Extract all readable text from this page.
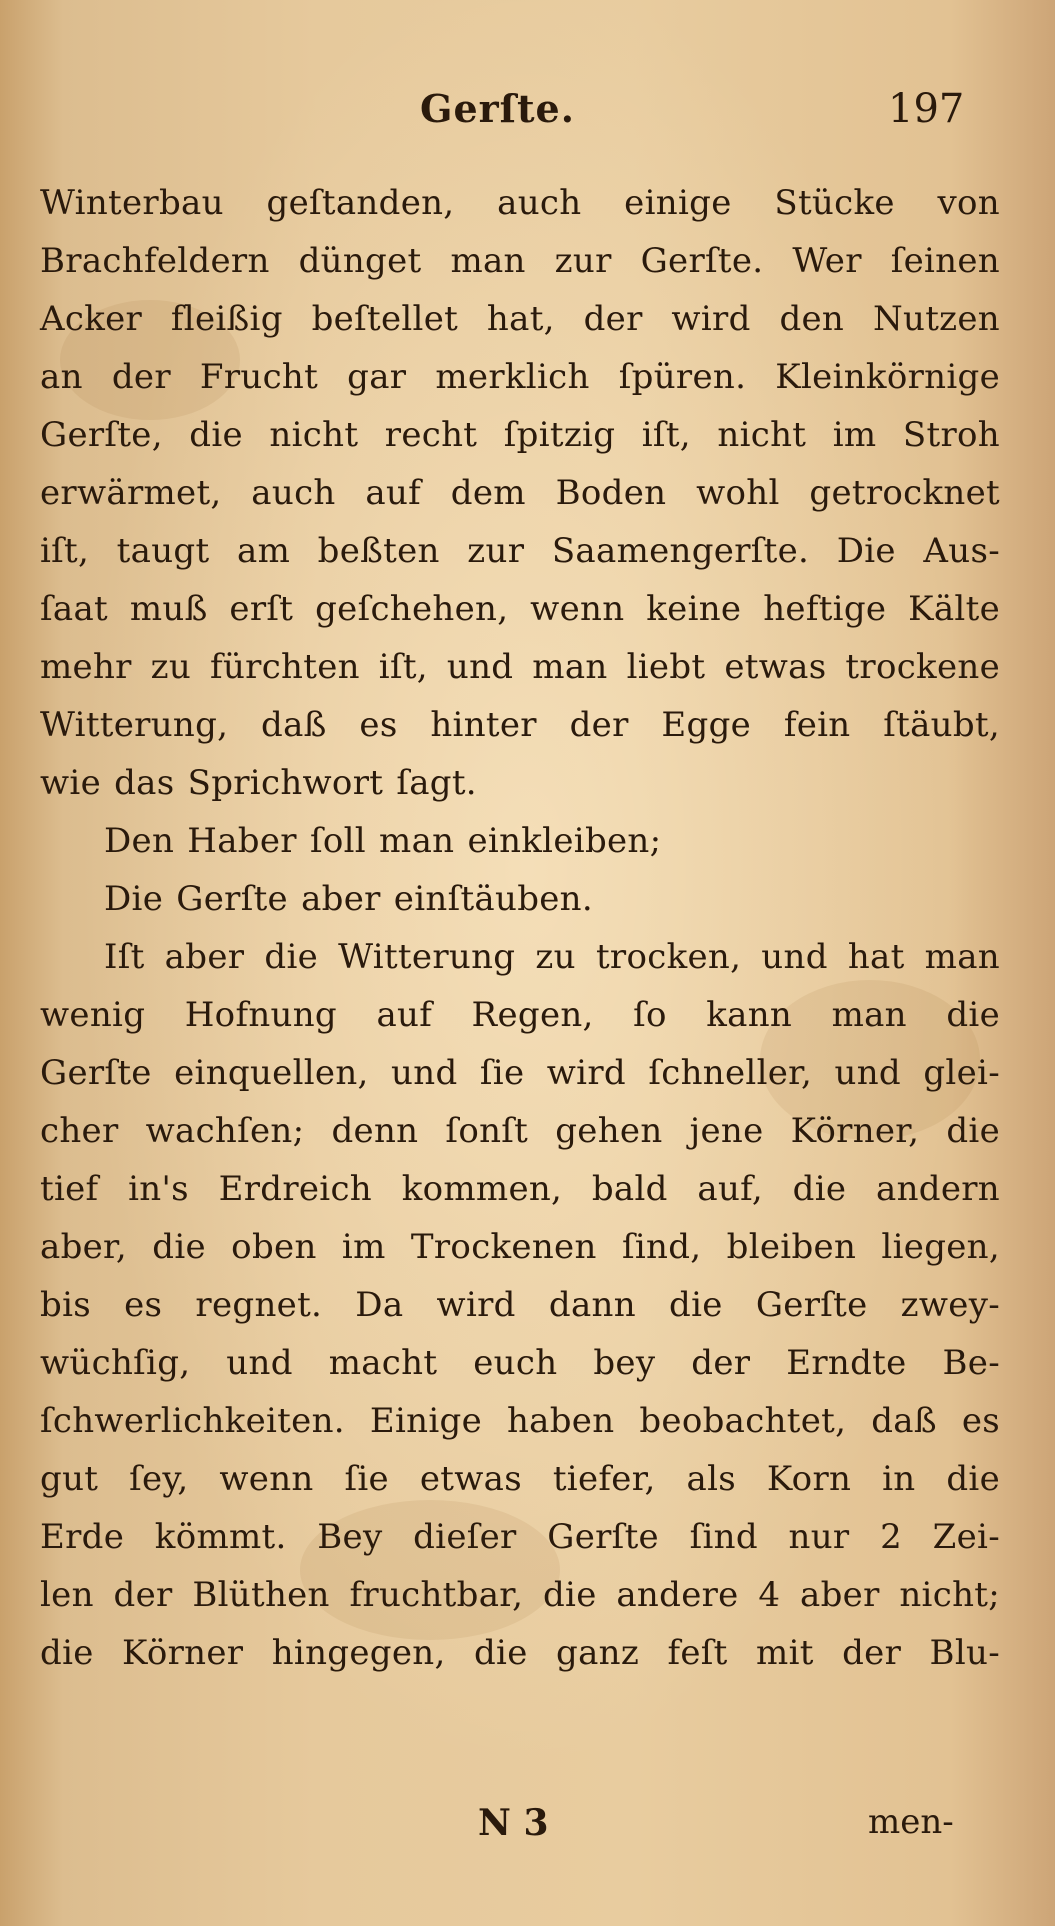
Gerſte.	197
Winterbau geſtanden, auch einige Stücke von
Brachfeldern dünget man zur Gerſte. Wer ſeinen
Acker fleißig beſtellet hat, der wird den Nutzen
an der Frucht gar merklich ſpüren. Kleinkörnige
Gerſte, die nicht recht ſpitzig iſt, nicht im Stroh
erwärmet, auch auf dem Boden wohl getrocknet
iſt, taugt am beßten zur Saamengerſte. Die Aus-
ſaat muß erſt geſchehen, wenn keine heftige Kälte
mehr zu fürchten iſt, und man liebt etwas trockene
Witterung, daß es hinter der Egge fein ſtäubt,
wie das Sprichwort ſagt.
Den Haber ſoll man einkleiben;
Die Gerſte aber einſtäuben.
Iſt aber die Witterung zu trocken, und hat man
wenig Hofnung auf Regen, ſo kann man die
Gerſte einquellen, und ſie wird ſchneller, und glei-
cher wachſen; denn ſonſt gehen jene Körner, die
tief in's Erdreich kommen, bald auf, die andern
aber, die oben im Trockenen ſind, bleiben liegen,
bis es regnet. Da wird dann die Gerſte zwey-
wüchſig, und macht euch bey der Erndte Be-
ſchwerlichkeiten. Einige haben beobachtet, daß es
gut ſey, wenn ſie etwas tiefer, als Korn in die
Erde kömmt. Bey dieſer Gerſte ſind nur 2 Zei-
len der Blüthen fruchtbar, die andere 4 aber nicht;
die Körner hingegen, die ganz feſt mit der Blu-
N 3	men-
